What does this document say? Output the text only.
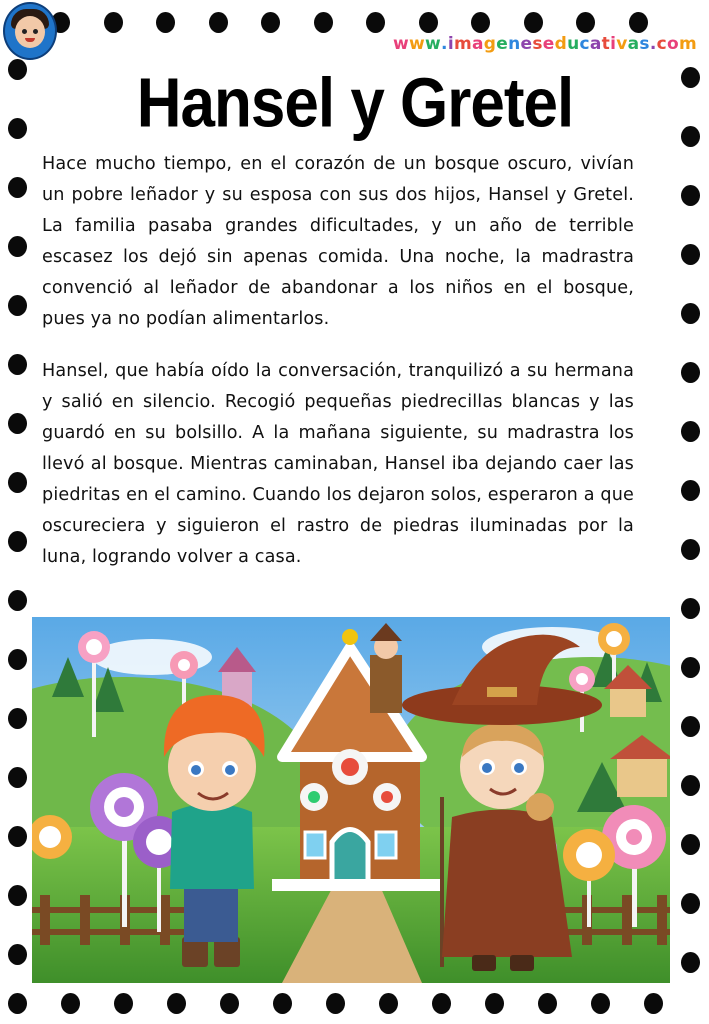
www.imageneseducativas.com
Hansel y Gretel
Hace mucho tiempo, en el corazón de un bosque oscuro, vivían un pobre leñador y su esposa con sus dos hijos, Hansel y Gretel. La familia pasaba grandes dificultades, y un año de terrible escasez los dejó sin apenas comida. Una noche, la madrastra convenció al leñador de abandonar a los niños en el bosque, pues ya no podían alimentarlos.
Hansel, que había oído la conversación, tranquilizó a su hermana y salió en silencio. Recogió pequeñas piedrecillas blancas y las guardó en su bolsillo. A la mañana siguiente, su madrastra los llevó al bosque. Mientras caminaban, Hansel iba dejando caer las piedritas en el camino. Cuando los dejaron solos, esperaron a que oscureciera y siguieron el rastro de piedras iluminadas por la luna, logrando volver a casa.
